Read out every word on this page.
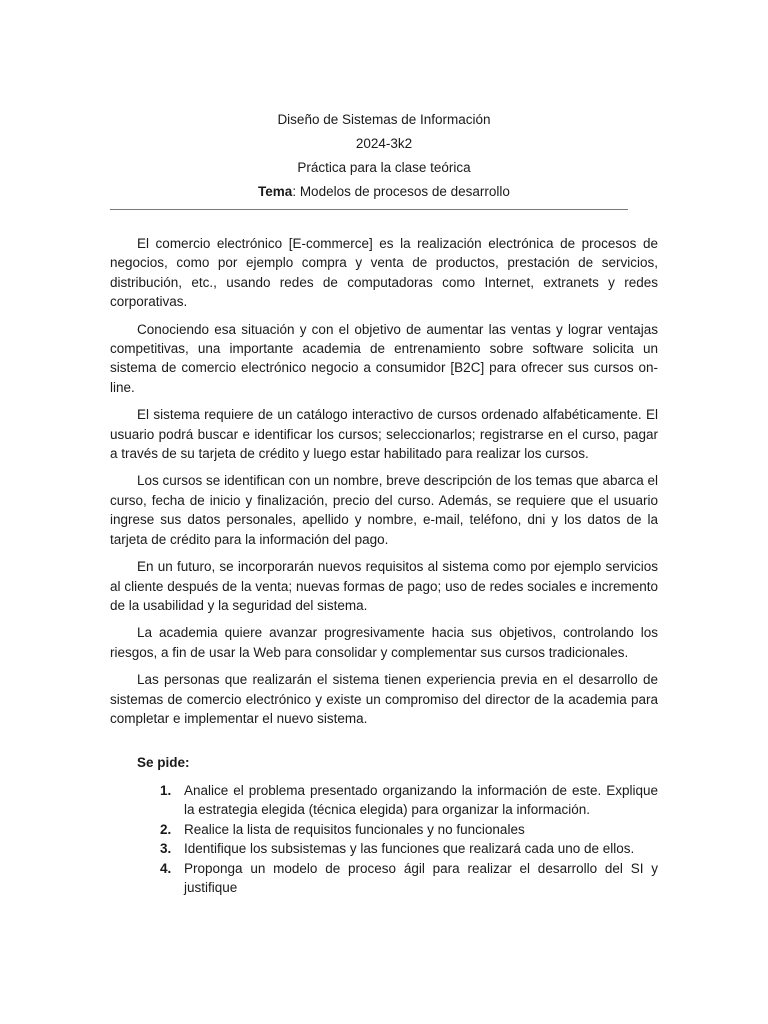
Diseño de Sistemas de Información
2024-3k2
Práctica para la clase teórica
Tema: Modelos de procesos de desarrollo

El comercio electrónico [E-commerce] es la realización electrónica de procesos de negocios, como por ejemplo compra y venta de productos, prestación de servicios, distribución, etc., usando redes de computadoras como Internet, extranets y redes corporativas.

Conociendo esa situación y con el objetivo de aumentar las ventas y lograr ventajas competitivas, una importante academia de entrenamiento sobre software solicita un sistema de comercio electrónico negocio a consumidor [B2C] para ofrecer sus cursos on-line.

El sistema requiere de un catálogo interactivo de cursos ordenado alfabéticamente. El usuario podrá buscar e identificar los cursos; seleccionarlos; registrarse en el curso, pagar a través de su tarjeta de crédito y luego estar habilitado para realizar los cursos.

Los cursos se identifican con un nombre, breve descripción de los temas que abarca el curso, fecha de inicio y finalización, precio del curso. Además, se requiere que el usuario ingrese sus datos personales, apellido y nombre, e-mail, teléfono, dni y los datos de la tarjeta de crédito para la información del pago.

En un futuro, se incorporarán nuevos requisitos al sistema como por ejemplo servicios al cliente después de la venta; nuevas formas de pago; uso de redes sociales e incremento de la usabilidad y la seguridad del sistema.

La academia quiere avanzar progresivamente hacia sus objetivos, controlando los riesgos, a fin de usar la Web para consolidar y complementar sus cursos tradicionales.

Las personas que realizarán el sistema tienen experiencia previa en el desarrollo de sistemas de comercio electrónico y existe un compromiso del director de la academia para completar e implementar el nuevo sistema.

Se pide:
1. Analice el problema presentado organizando la información de este. Explique la estrategia elegida (técnica elegida) para organizar la información.
2. Realice la lista de requisitos funcionales y no funcionales
3. Identifique los subsistemas y las funciones que realizará cada uno de ellos.
4. Proponga un modelo de proceso ágil para realizar el desarrollo del SI y justifique
